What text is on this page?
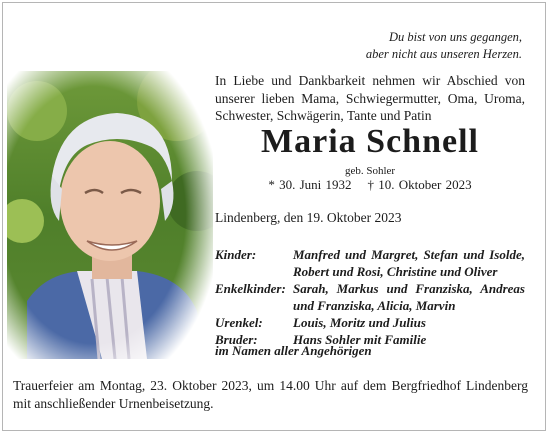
Du bist von uns gegangen,
aber nicht aus unseren Herzen.
In Liebe und Dankbarkeit nehmen wir Abschied von unserer lieben Mama, Schwiegermutter, Oma, Uroma, Schwester, Schwägerin, Tante und Patin
Maria Schnell
geb. Sohler
* 30. Juni 1932 † 10. Oktober 2023
Lindenberg, den 19. Oktober 2023
Kinder:	Manfred und Margret, Stefan und Isolde, Robert und Rosi, Christine und Oliver
Enkelkinder:	Sarah, Markus und Franziska, Andreas und Franziska, Alicia, Marvin
Urenkel:	Louis, Moritz und Julius
Bruder:	Hans Sohler mit Familie
im Namen aller Angehörigen
Trauerfeier am Montag, 23. Oktober 2023, um 14.00 Uhr auf dem Bergfriedhof Lindenberg mit anschließender Urnenbeisetzung.
